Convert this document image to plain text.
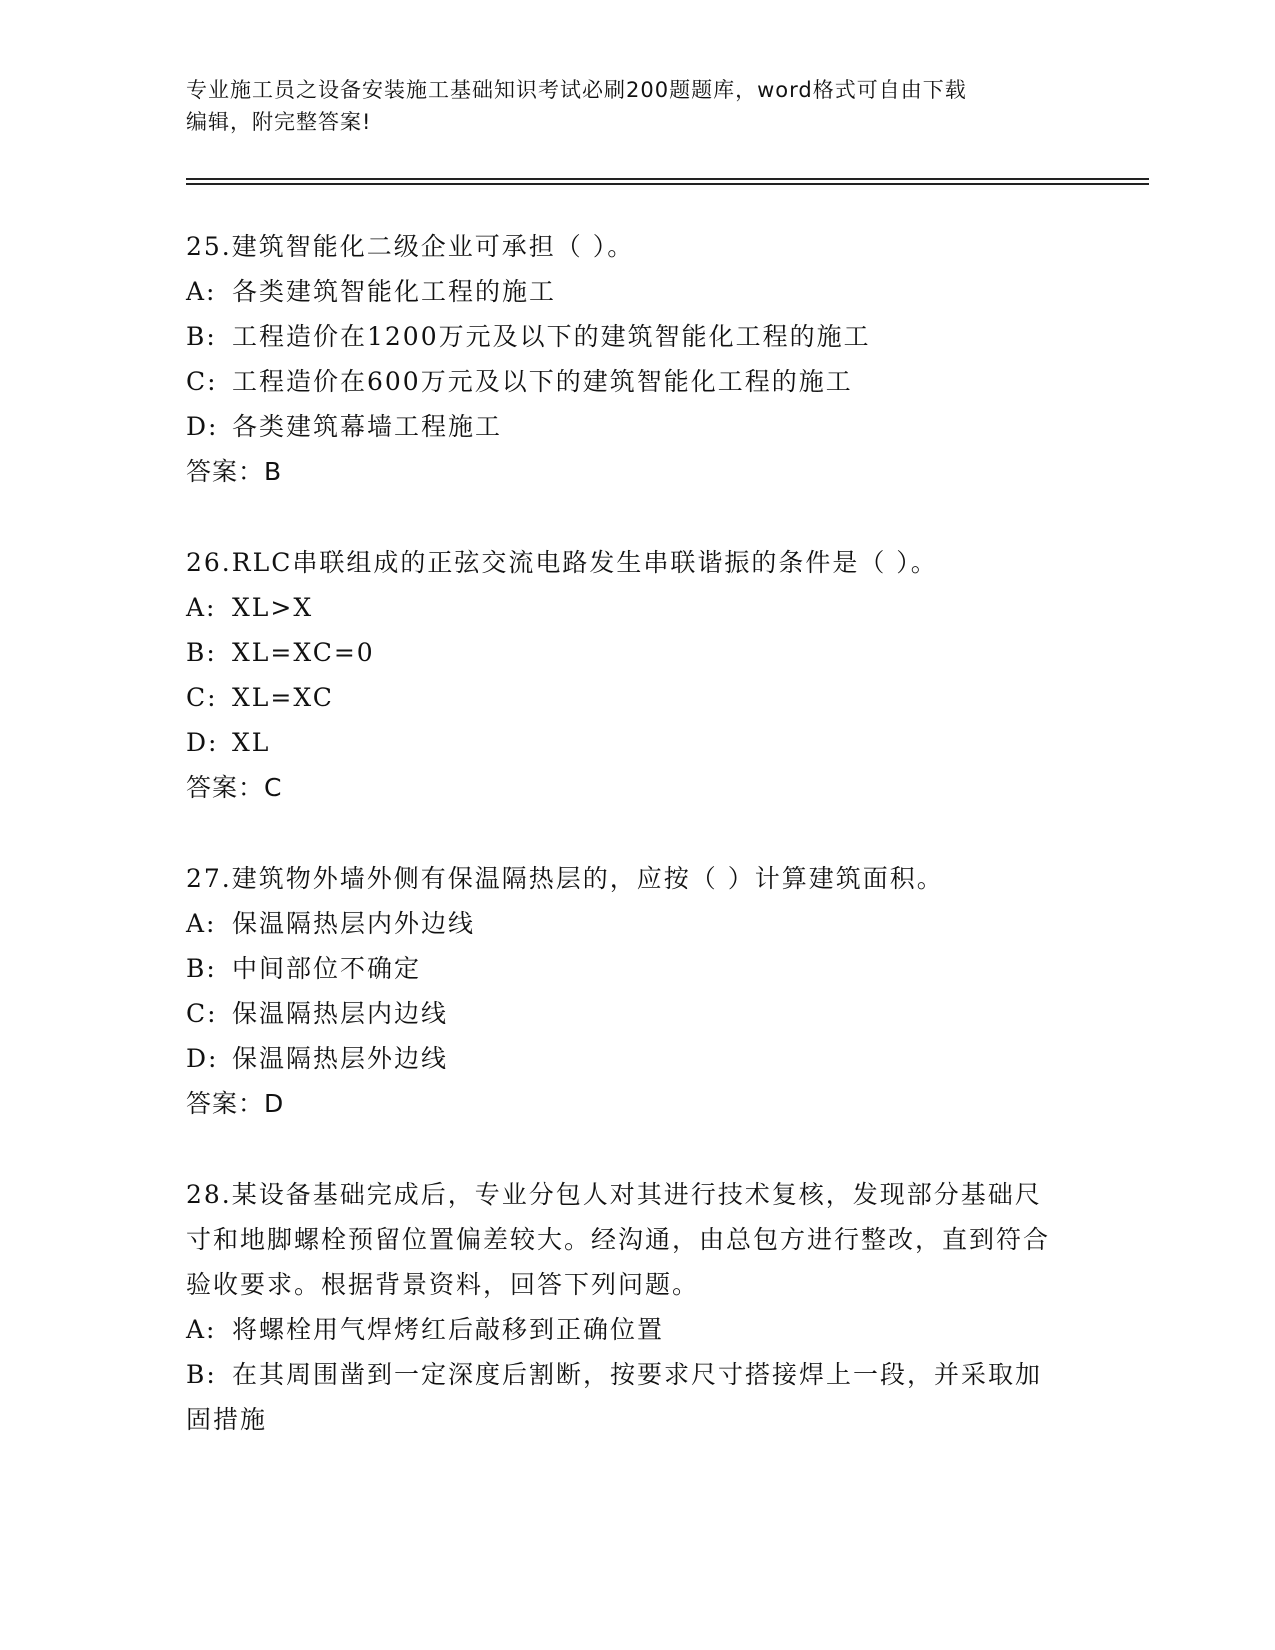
专业施工员之设备安装施工基础知识考试必刷200题题库，word格式可自由下载
编辑，附完整答案!
25.建筑智能化二级企业可承担（ ）。
A: 各类建筑智能化工程的施工
B: 工程造价在1200万元及以下的建筑智能化工程的施工
C: 工程造价在600万元及以下的建筑智能化工程的施工
D: 各类建筑幕墙工程施工
答案：B
26.RLC串联组成的正弦交流电路发生串联谐振的条件是（ ）。
A: XL>X
B: XL=XC=0
C: XL=XC
D: XL
答案：C
27.建筑物外墙外侧有保温隔热层的，应按（ ）计算建筑面积。
A: 保温隔热层内外边线
B: 中间部位不确定
C: 保温隔热层内边线
D: 保温隔热层外边线
答案：D
28.某设备基础完成后，专业分包人对其进行技术复核，发现部分基础尺寸和地脚螺栓预留位置偏差较大。经沟通，由总包方进行整改，直到符合验收要求。根据背景资料，回答下列问题。
A: 将螺栓用气焊烤红后敲移到正确位置
B: 在其周围凿到一定深度后割断，按要求尺寸搭接焊上一段，并采取加固措施
